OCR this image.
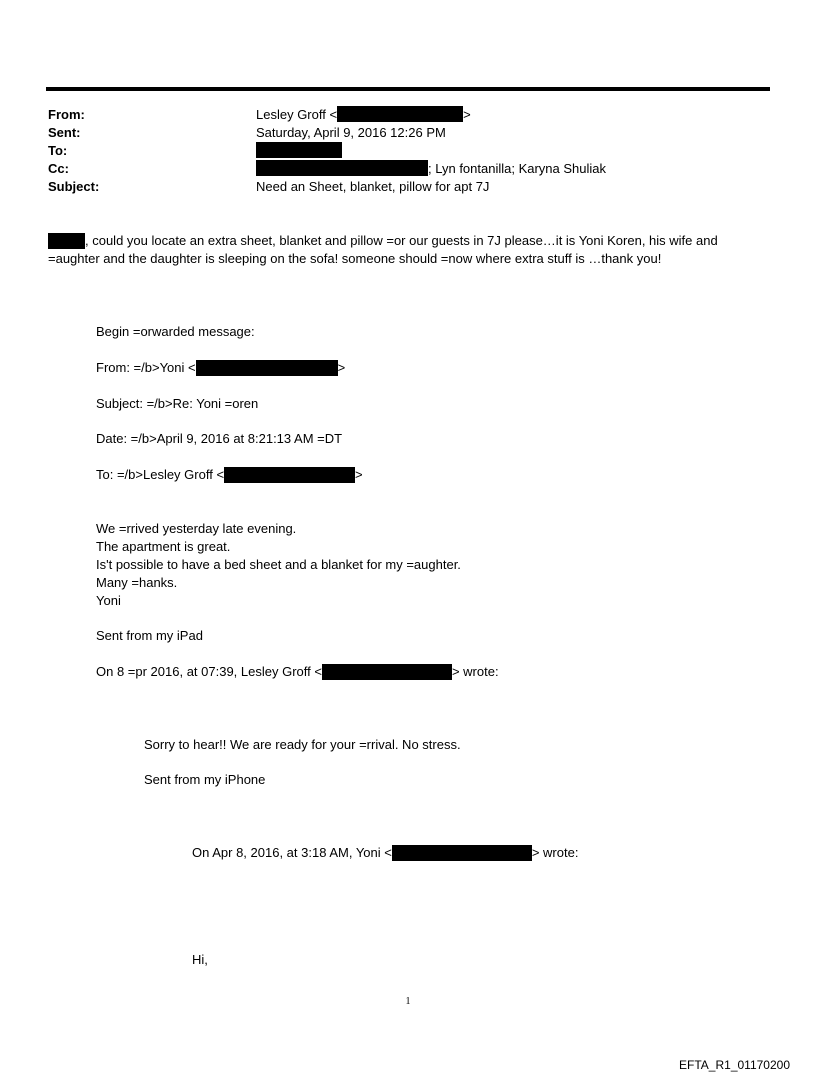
From:	Lesley Groff <	>
Sent:	Saturday, April 9, 2016 12:26 PM
To:
Cc:	; Lyn fontanilla; Karyna Shuliak
Subject:	Need an Sheet, blanket, pillow for apt 7J
, could you locate an extra sheet, blanket and pillow =or our guests in 7J please…it is Yoni Koren, his wife and
=aughter and the daughter is sleeping on the sofa! someone should =now where extra stuff is …thank you!
Begin =orwarded message:
From: =/b>Yoni <	>
Subject: =/b>Re: Yoni =oren
Date: =/b>April 9, 2016 at 8:21:13 AM =DT
To: =/b>Lesley Groff <	>
We =rrived yesterday late evening.
The apartment is great.
Is't possible to have a bed sheet and a blanket for my =aughter.
Many =hanks.
Yoni
Sent from my iPad
On 8 =pr 2016, at 07:39, Lesley Groff <	> wrote:
Sorry to hear!! We are ready for your =rrival. No stress.
Sent from my iPhone
On Apr 8, 2016, at 3:18 AM, Yoni <	> wrote:
Hi,
1
EFTA_R1_01170200
